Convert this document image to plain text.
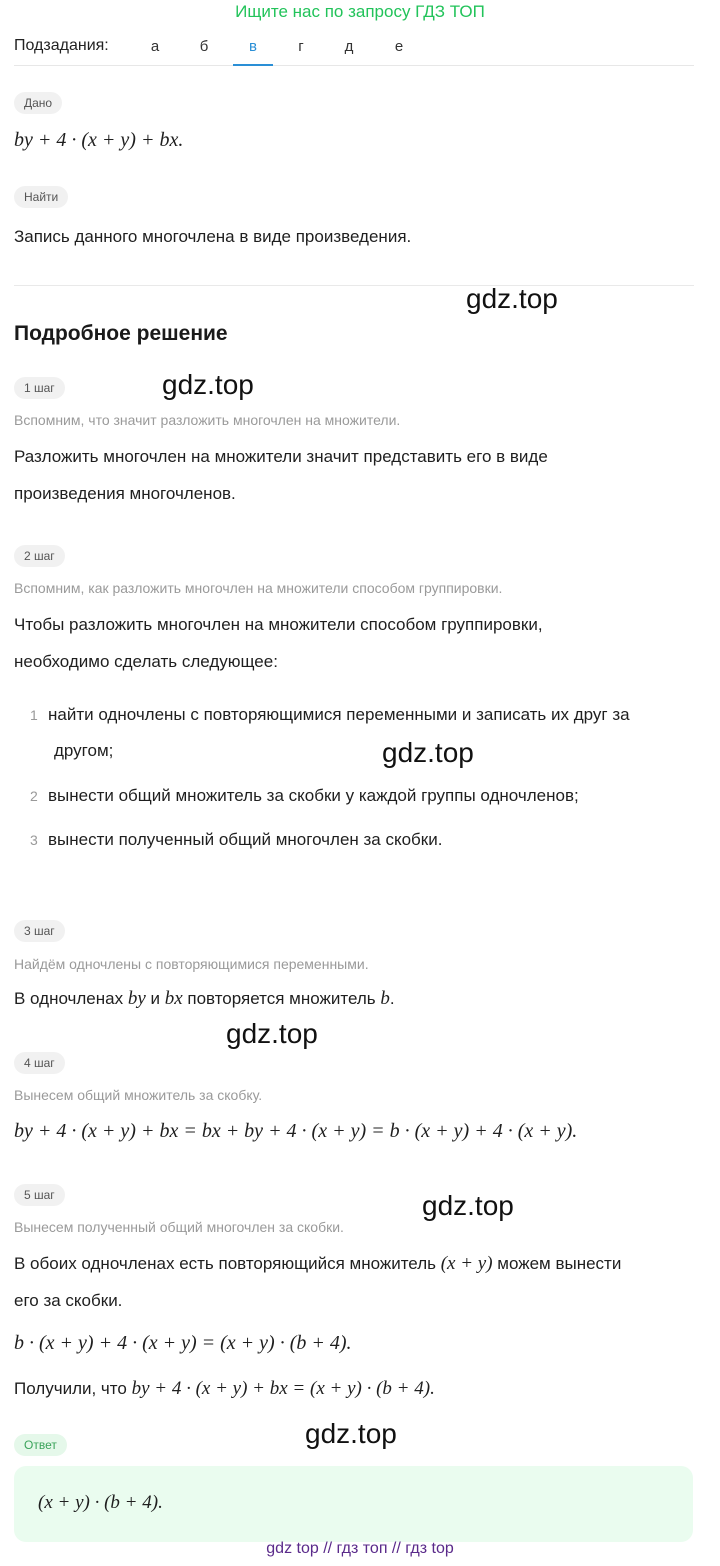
Ищите нас по запросу ГДЗ ТОП
Подзадания:	а	б	в	г	д	е
Дано
by + 4 · (x + y) + bx.
Найти
Запись данного многочлена в виде произведения.
gdz.top
Подробное решение
1 шаг	gdz.top
Вспомним, что значит разложить многочлен на множители.
Разложить многочлен на множители значит представить его в виде
произведения многочленов.
2 шаг
Вспомним, как разложить многочлен на множители способом группировки.
Чтобы разложить многочлен на множители способом группировки,
необходимо сделать следующее:
1 найти одночлены с повторяющимися переменными и записать их друг за
другом;	gdz.top
2 вынести общий множитель за скобки у каждой группы одночленов;
3 вынести полученный общий многочлен за скобки.
3 шаг
Найдём одночлены с повторяющимися переменными.
В одночленах by и bx повторяется множитель b.
gdz.top
4 шаг
Вынесем общий множитель за скобку.
by + 4 · (x + y) + bx = bx + by + 4 · (x + y) = b · (x + y) + 4 · (x + y).
5 шаг	gdz.top
Вынесем полученный общий многочлен за скобки.
В обоих одночленах есть повторяющийся множитель (x + y) можем вынести
его за скобки.
b · (x + y) + 4 · (x + y) = (x + y) · (b + 4).
Получили, что by + 4 · (x + y) + bx = (x + y) · (b + 4).
Ответ	gdz.top
(x + y) · (b + 4).
gdz top // гдз топ // гдз top
